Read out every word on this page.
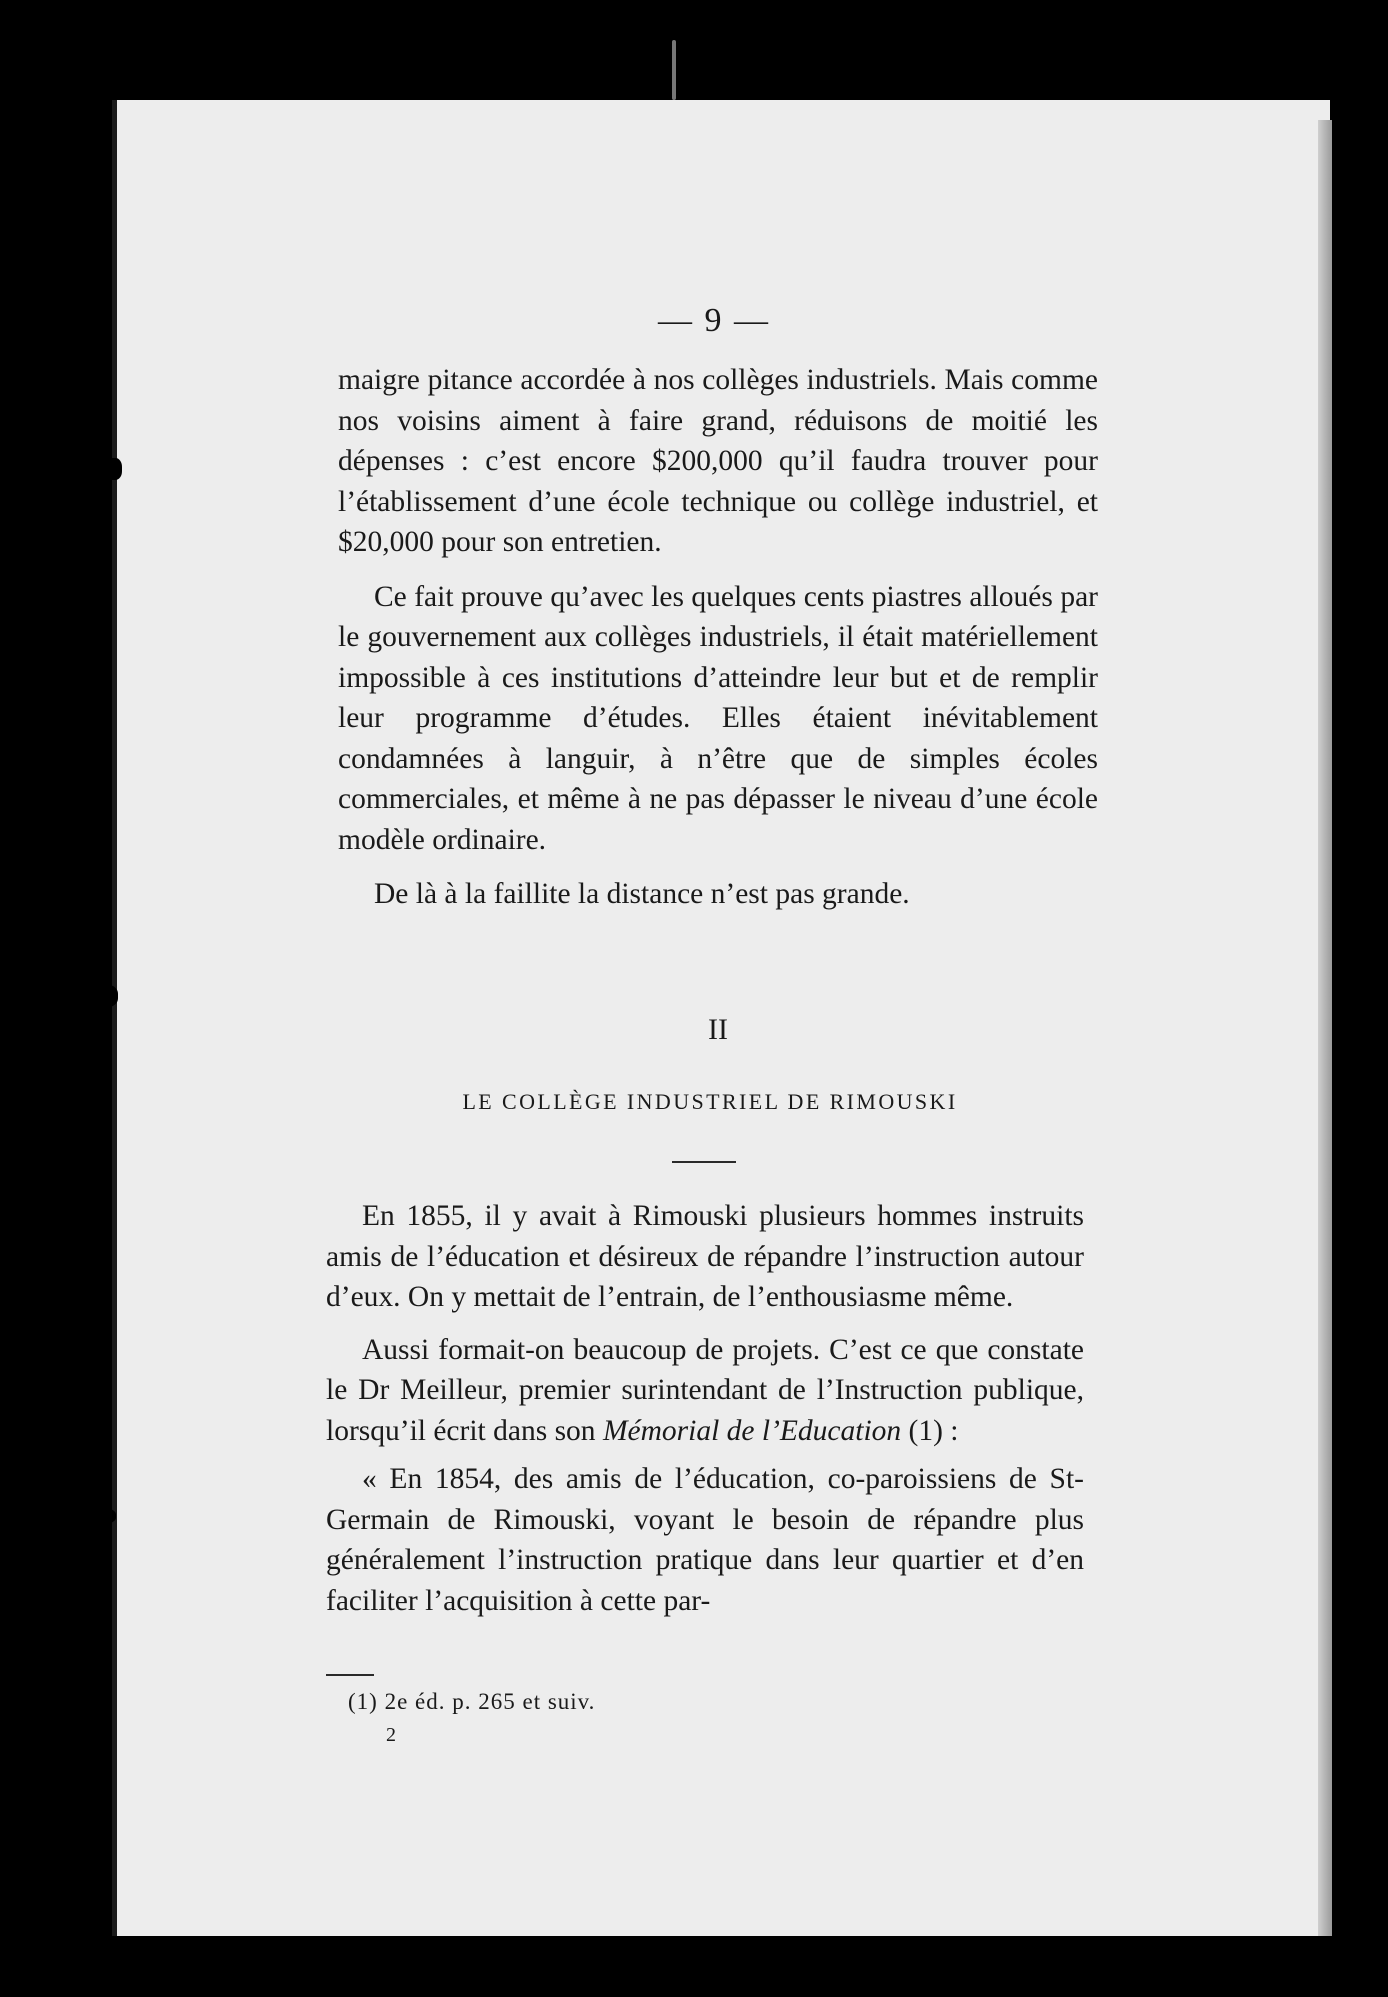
— 9 —

maigre pitance accordée à nos collèges industriels. Mais comme nos voisins aiment à faire grand, réduisons de moitié les dépenses : c’est encore $200,000 qu’il faudra trouver pour l’établissement d’une école technique ou collège industriel, et $20,000 pour son entretien.

Ce fait prouve qu’avec les quelques cents piastres alloués par le gouvernement aux collèges industriels, il était matériellement impossible à ces institutions d’atteindre leur but et de remplir leur programme d’études. Elles étaient inévitablement condamnées à languir, à n’être que de simples écoles commerciales, et même à ne pas dépasser le niveau d’une école modèle ordinaire.

De là à la faillite la distance n’est pas grande.

II
LE COLLÈGE INDUSTRIEL DE RIMOUSKI

En 1855, il y avait à Rimouski plusieurs hommes instruits amis de l’éducation et désireux de répandre l’instruction autour d’eux. On y mettait de l’entrain, de l’enthousiasme même.

Aussi formait-on beaucoup de projets. C’est ce que constate le Dr Meilleur, premier surintendant de l’Instruction publique, lorsqu’il écrit dans son Mémorial de l’Education (1) :

« En 1854, des amis de l’éducation, co-paroissiens de St-Germain de Rimouski, voyant le besoin de répandre plus généralement l’instruction pratique dans leur quartier et d’en faciliter l’acquisition à cette par-

(1) 2e éd. p. 265 et suiv.
2
